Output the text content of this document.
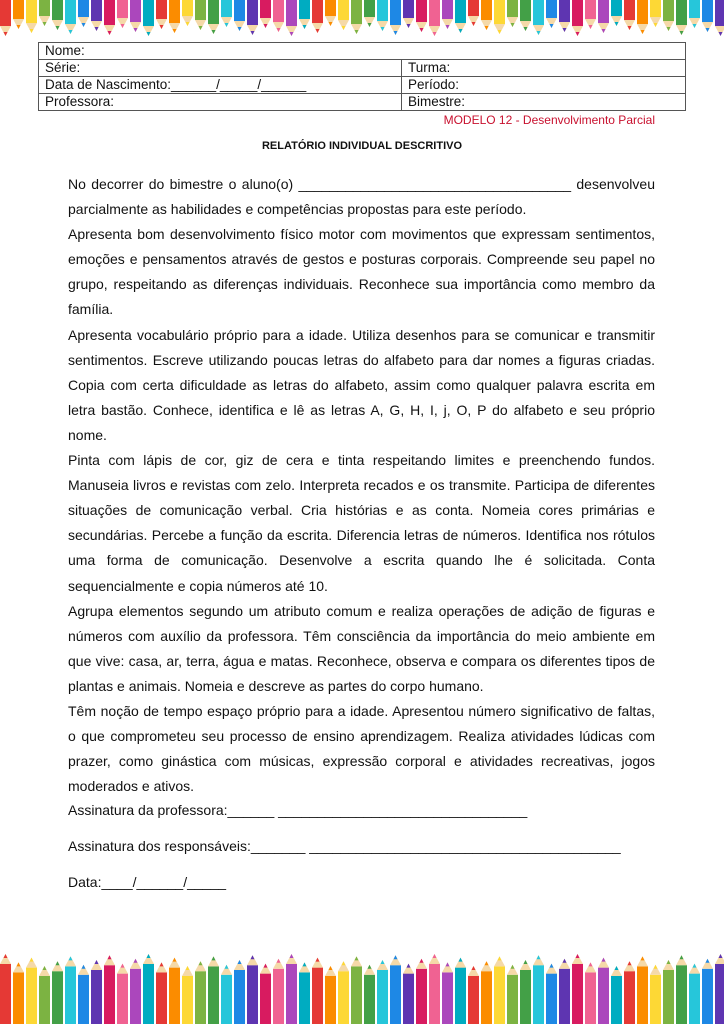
Nome:	
Série:	Turma:
Data de Nascimento:______/_____/______	Período:
Professora:	Bimestre:
MODELO 12 - Desenvolvimento Parcial
RELATÓRIO INDIVIDUAL DESCRITIVO

No decorrer do bimestre o aluno(o) ___________________________________ desenvolveu parcialmente as habilidades e competências propostas para este período.

Apresenta bom desenvolvimento físico motor com movimentos que expressam sentimentos, emoções e pensamentos através de gestos e posturas corporais. Compreende seu papel no grupo, respeitando as diferenças individuais. Reconhece sua importância como membro da família.

Apresenta vocabulário próprio para a idade. Utiliza desenhos para se comunicar e transmitir sentimentos. Escreve utilizando poucas letras do alfabeto para dar nomes a figuras criadas. Copia com certa dificuldade as letras do alfabeto, assim como qualquer palavra escrita em letra bastão. Conhece, identifica e lê as letras A, G, H, I, j, O, P do alfabeto e seu próprio nome.

Pinta com lápis de cor, giz de cera e tinta respeitando limites e preenchendo fundos. Manuseia livros e revistas com zelo. Interpreta recados e os transmite. Participa de diferentes situações de comunicação verbal. Cria histórias e as conta. Nomeia cores primárias e secundárias. Percebe a função da escrita. Diferencia letras de números. Identifica nos rótulos uma forma de comunicação. Desenvolve a escrita quando lhe é solicitada. Conta sequencialmente e copia números até 10.

Agrupa elementos segundo um atributo comum e realiza operações de adição de figuras e números com auxílio da professora. Têm consciência da importância do meio ambiente em que vive: casa, ar, terra, água e matas. Reconhece, observa e compara os diferentes tipos de plantas e animais. Nomeia e descreve as partes do corpo humano.

Têm noção de tempo espaço próprio para a idade. Apresentou número significativo de faltas, o que comprometeu seu processo de ensino aprendizagem. Realiza atividades lúdicas com prazer, como ginástica com músicas, expressão corporal e atividades recreativas, jogos moderados e ativos.

Assinatura da professora:______ ________________________________
Assinatura dos responsáveis:_______ ________________________________________
Data:____/______/_____
